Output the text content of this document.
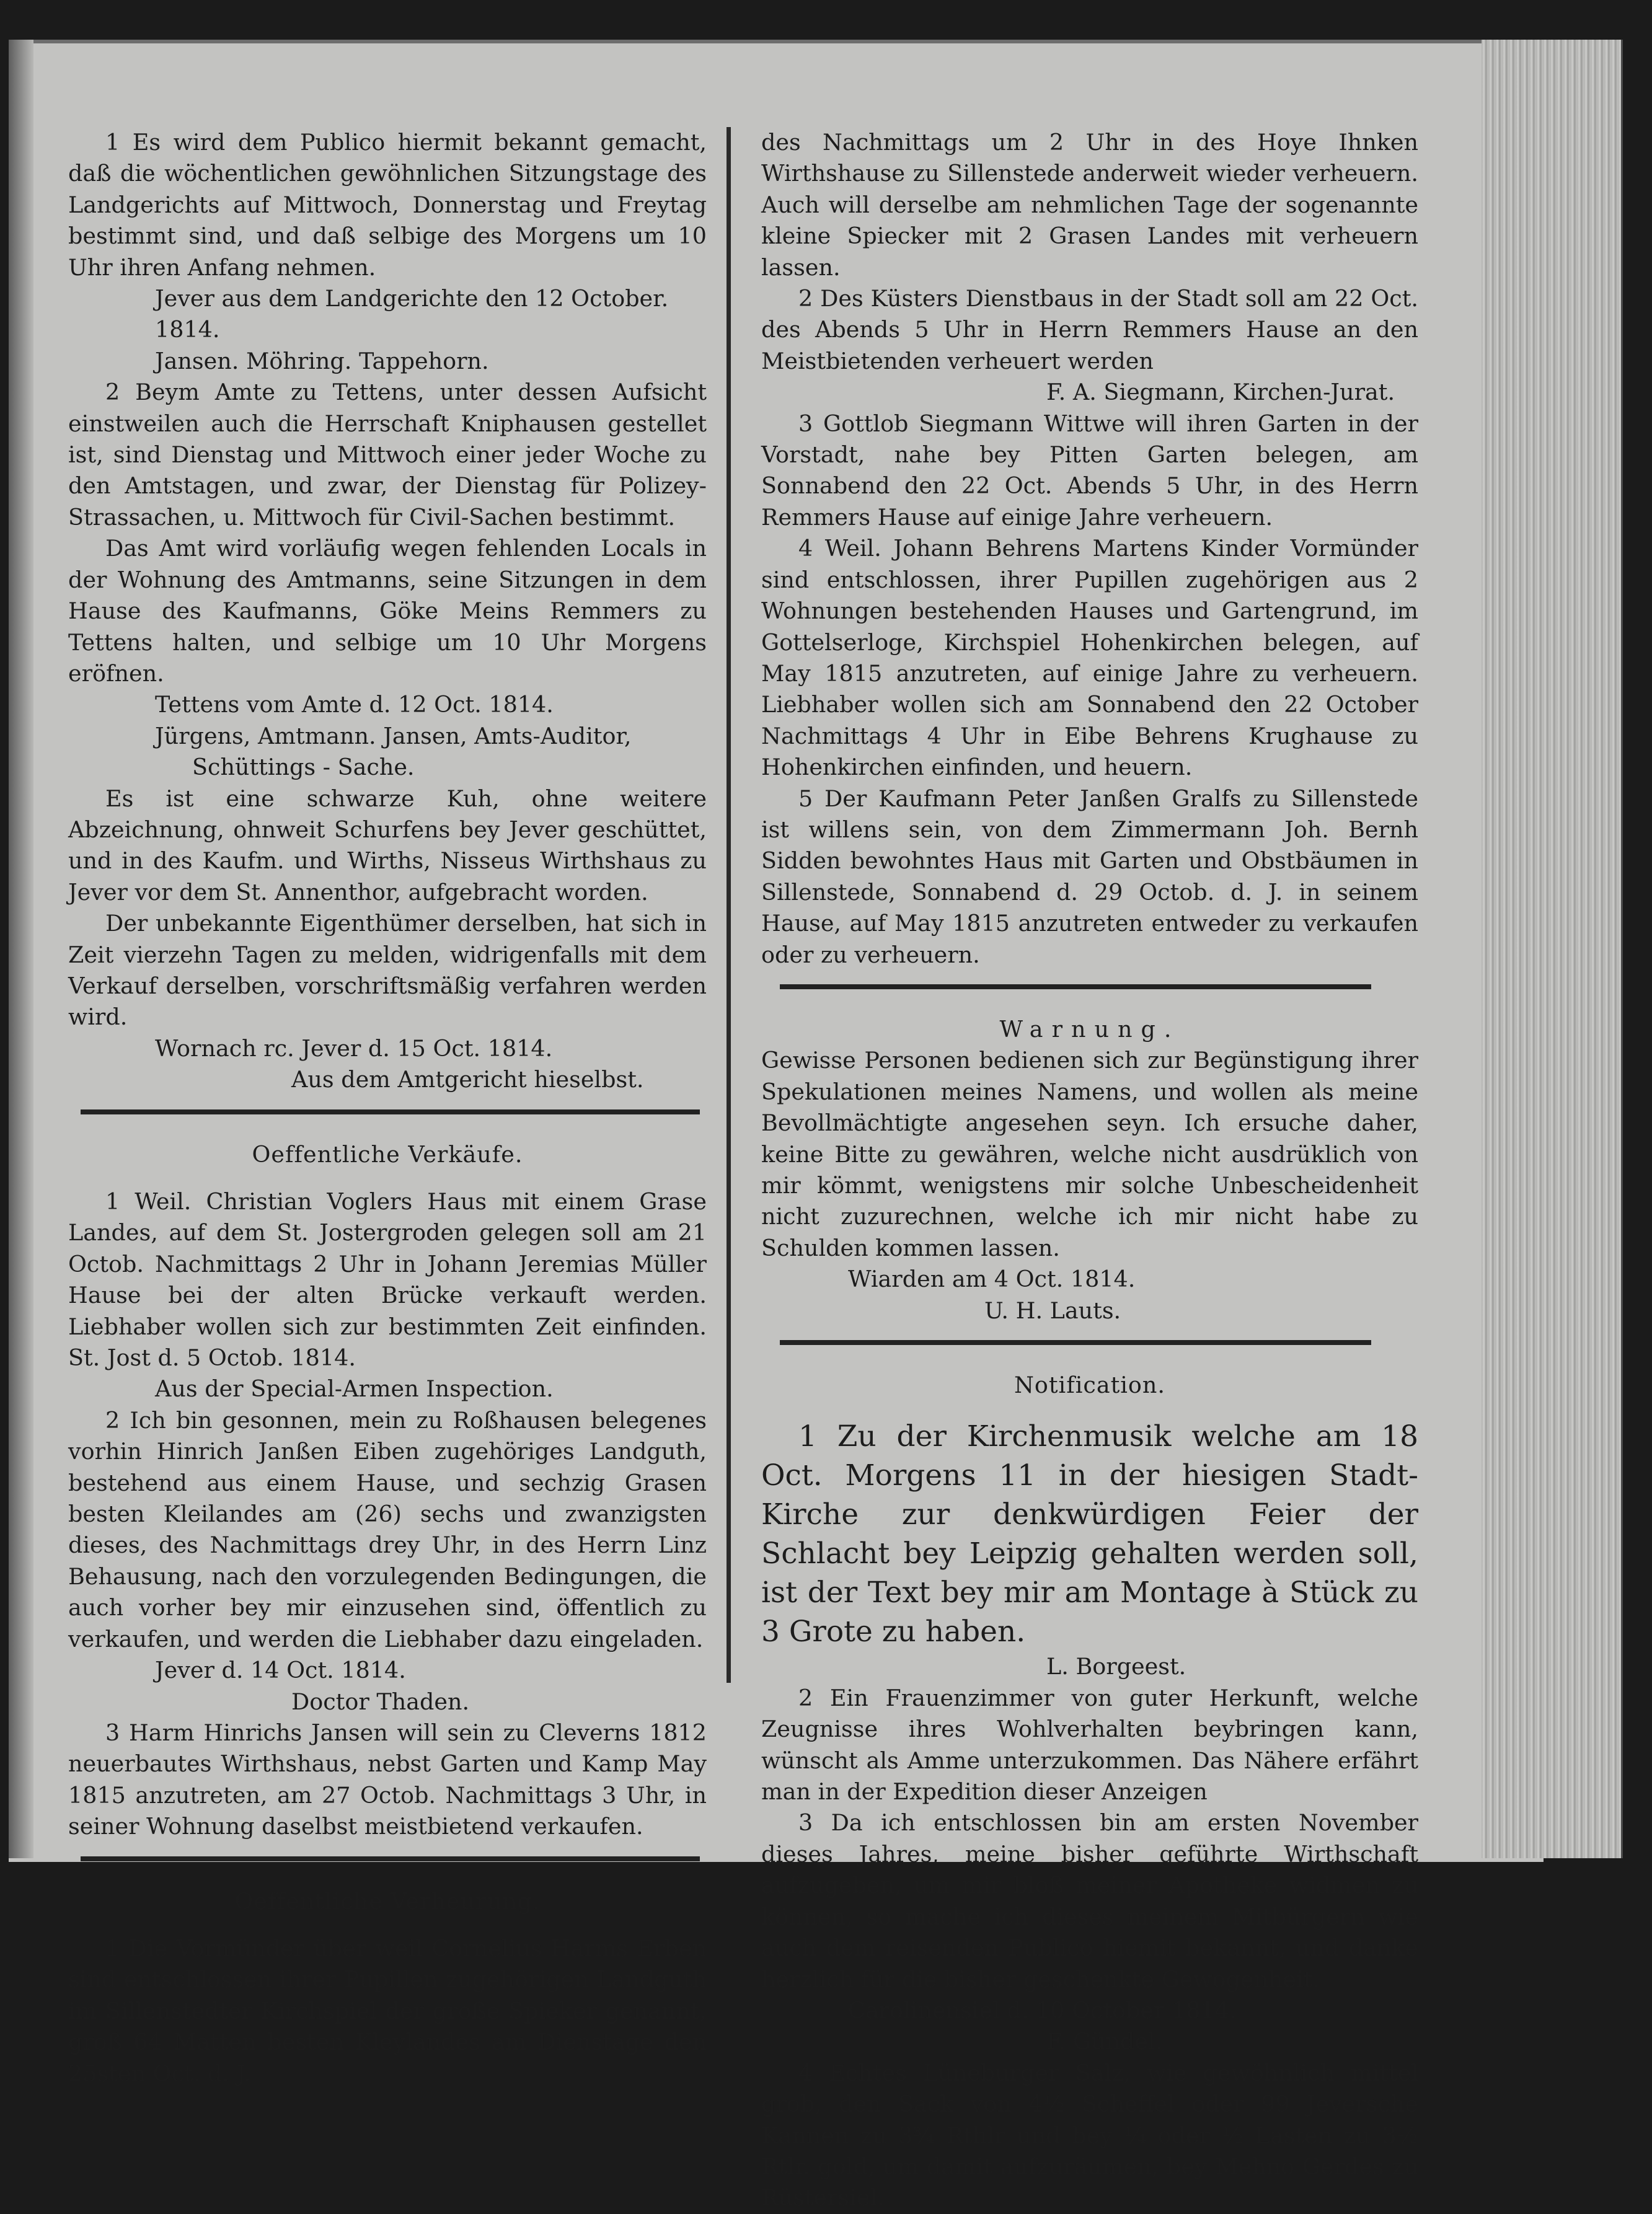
1 Es wird dem Publico hiermit bekannt gemacht, daß die wöchentlichen gewöhnlichen Sitzungstage des Landgerichts auf Mittwoch, Donnerstag und Freytag bestimmt sind, und daß selbige des Morgens um 10 Uhr ihren Anfang nehmen.

Jever aus dem Landgerichte den 12 October. 1814.

Jansen. Möhring. Tappehorn.

2 Beym Amte zu Tettens, unter dessen Aufsicht einstweilen auch die Herrschaft Kniphausen gestellet ist, sind Dienstag und Mittwoch einer jeder Woche zu den Amtstagen, und zwar, der Dienstag für Polizey-Strassachen, u. Mittwoch für Civil-Sachen bestimmt.

Das Amt wird vorläufig wegen fehlenden Locals in der Wohnung des Amtmanns, seine Sitzungen in dem Hause des Kaufmanns, Göke Meins Remmers zu Tettens halten, und selbige um 10 Uhr Morgens eröfnen.

Tettens vom Amte d. 12 Oct. 1814.

Jürgens, Amtmann. Jansen, Amts-Auditor,

Schüttings - Sache.

Es ist eine schwarze Kuh, ohne weitere Abzeichnung, ohnweit Schurfens bey Jever geschüttet, und in des Kaufm. und Wirths, Nisseus Wirthshaus zu Jever vor dem St. Annenthor, aufgebracht worden.

Der unbekannte Eigenthümer derselben, hat sich in Zeit vierzehn Tagen zu melden, widrigenfalls mit dem Verkauf derselben, vorschriftsmäßig verfahren werden wird.

Wornach rc. Jever d. 15 Oct. 1814.

Aus dem Amtgericht hieselbst.

Oeffentliche Verkäufe.

1 Weil. Christian Voglers Haus mit einem Grase Landes, auf dem St. Jostergroden gelegen soll am 21 Octob. Nachmittags 2 Uhr in Johann Jeremias Müller Hause bei der alten Brücke verkauft werden. Liebhaber wollen sich zur bestimmten Zeit einfinden. St. Jost d. 5 Octob. 1814.

Aus der Special-Armen Inspection.

2 Ich bin gesonnen, mein zu Roßhausen belegenes vorhin Hinrich Janßen Eiben zugehöriges Landguth, bestehend aus einem Hause, und sechzig Grasen besten Kleilandes am (26) sechs und zwanzigsten dieses, des Nachmittags drey Uhr, in des Herrn Linz Behausung, nach den vorzulegenden Bedingungen, die auch vorher bey mir einzusehen sind, öffentlich zu verkaufen, und werden die Liebhaber dazu eingeladen.

Jever d. 14 Oct. 1814.

Doctor Thaden.

3 Harm Hinrichs Jansen will sein zu Cleverns 1812 neuerbautes Wirthshaus, nebst Garten und Kamp May 1815 anzutreten, am 27 Octob. Nachmittags 3 Uhr, in seiner Wohnung daselbst meistbietend verkaufen.

Oeffentliche Verheurung.

1 Die Vormünder über weil Cornelius Harms Erben sind entschlossen ihrer Pupillen zugehörigen Landguth im Sillenstedter Kirchspiel der große Spieker genannt, groß 64 Matten besten Kleylandes am Dienstage den 25sten Oct. d. J.

des Nachmittags um 2 Uhr in des Hoye Ihnken Wirthshause zu Sillenstede anderweit wieder verheuern. Auch will derselbe am nehmlichen Tage der sogenannte kleine Spiecker mit 2 Grasen Landes mit verheuern lassen.

2 Des Küsters Dienstbaus in der Stadt soll am 22 Oct. des Abends 5 Uhr in Herrn Remmers Hause an den Meistbietenden verheuert werden

F. A. Siegmann, Kirchen-Jurat.

3 Gottlob Siegmann Wittwe will ihren Garten in der Vorstadt, nahe bey Pitten Garten belegen, am Sonnabend den 22 Oct. Abends 5 Uhr, in des Herrn Remmers Hause auf einige Jahre verheuern.

4 Weil. Johann Behrens Martens Kinder Vormünder sind entschlossen, ihrer Pupillen zugehörigen aus 2 Wohnungen bestehenden Hauses und Gartengrund, im Gottelserloge, Kirchspiel Hohenkirchen belegen, auf May 1815 anzutreten, auf einige Jahre zu verheuern. Liebhaber wollen sich am Sonnabend den 22 October Nachmittags 4 Uhr in Eibe Behrens Krughause zu Hohenkirchen einfinden, und heuern.

5 Der Kaufmann Peter Janßen Gralfs zu Sillenstede ist willens sein, von dem Zimmermann Joh. Bernh Sidden bewohntes Haus mit Garten und Obstbäumen in Sillenstede, Sonnabend d. 29 Octob. d. J. in seinem Hause, auf May 1815 anzutreten entweder zu verkaufen oder zu verheuern.

Warnung.

Gewisse Personen bedienen sich zur Begünstigung ihrer Spekulationen meines Namens, und wollen als meine Bevollmächtigte angesehen seyn. Ich ersuche daher, keine Bitte zu gewähren, welche nicht ausdrüklich von mir kömmt, wenigstens mir solche Unbescheidenheit nicht zuzurechnen, welche ich mir nicht habe zu Schulden kommen lassen.

Wiarden am 4 Oct. 1814.

U. H. Lauts.

Notification.

1 Zu der Kirchenmusik welche am 18 Oct. Morgens 11 in der hiesigen Stadt-Kirche zur denkwürdigen Feier der Schlacht bey Leipzig gehalten werden soll, ist der Text bey mir am Montage à Stück zu 3 Grote zu haben.

L. Borgeest.

2 Ein Frauenzimmer von guter Herkunft, welche Zeugnisse ihres Wohlverhalten beybringen kann, wünscht als Amme unterzukommen. Das Nähere erfährt man in der Expedition dieser Anzeigen

3 Da ich entschlossen bin am ersten November dieses Jahres, meine bisher geführte Wirthschaft aufzugeben, um mir bloß meiner Apotheke widmen zu können, so mache ich dieses meinem Mitbürgern wie auch dem reisenden Publico hiemit bekannt, und danke herzlich für die bisher geschenkte Gewogenheit.

Carolinensiel d. 10 October 1814.

F. Gündel.

4 Echtes Lüneburger Salz, wie gewöhnlich mittel grob, den Sack von 4½ Scheffel oder 99 Jeversche Kannen zu 3¾ Rthlr und bey ¼ oder ½ Lasten zu 3½ Rtlr. gold, um damit aufzuräumen, bey Mehno Gerdes zu Rüstersiel.
